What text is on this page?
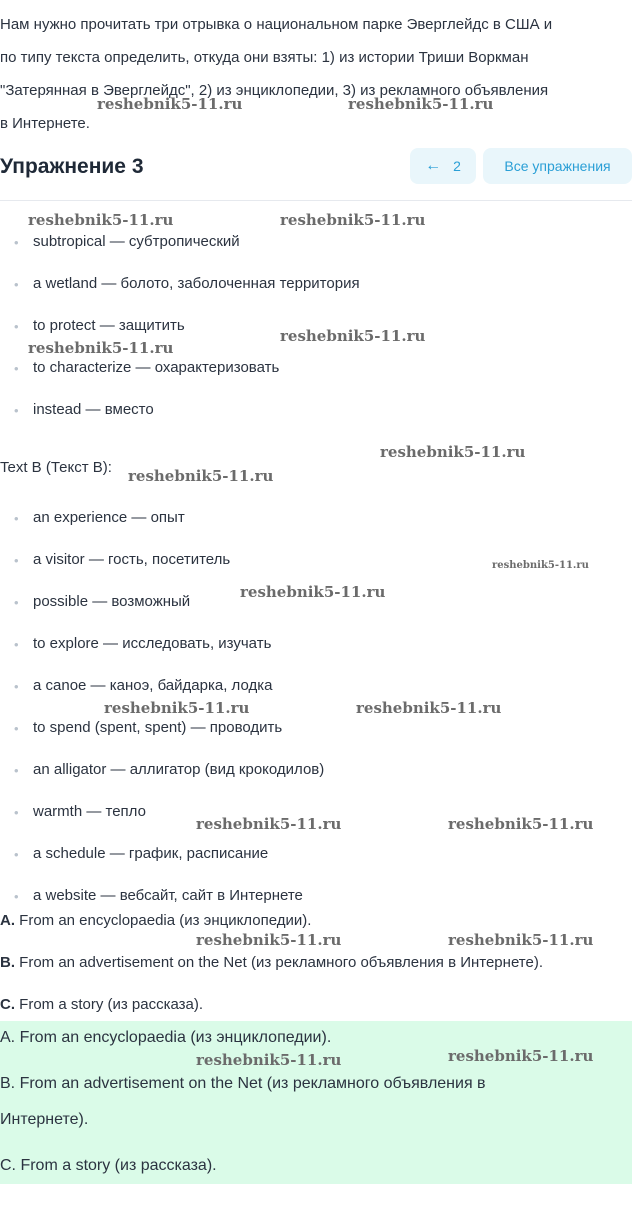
Нам нужно прочитать три отрывка о национальном парке Эверглейдс в США и

по типу текста определить, откуда они взяты: 1) из истории Триши Воркман

"Затерянная в Эверглейдс", 2) из энциклопедии, 3) из рекламного объявления

в Интернете.

Упражнение 3	← 2	Все упражнения
• subtropical — субтропический
• a wetland — болото, заболоченная территория
• to protect — защитить
• to characterize — охарактеризовать
• instead — вместо
Text B (Текст B):
• an experience — опыт
• a visitor — гость, посетитель
• possible — возможный
• to explore — исследовать, изучать
• a canoe — каноэ, байдарка, лодка
• to spend (spent, spent) — проводить
• an alligator — аллигатор (вид крокодилов)
• warmth — тепло
• a schedule — график, расписание
• a website — вебсайт, сайт в Интернете

A. From an encyclopaedia (из энциклопедии).

B. From an advertisement on the Net (из рекламного объявления в Интернете).

C. From a story (из рассказа).

A. From an encyclopaedia (из энциклопедии).

B. From an advertisement on the Net (из рекламного объявления в

Интернете).

C. From a story (из рассказа).

reshebnik5-11.ru	reshebnik5-11.ru
reshebnik5-11.ru	reshebnik5-11.ru
reshebnik5-11.ru
reshebnik5-11.ru
reshebnik5-11.ru
reshebnik5-11.ru
reshebnik5-11.ru
reshebnik5-11.ru
reshebnik5-11.ru	reshebnik5-11.ru
reshebnik5-11.ru	reshebnik5-11.ru
reshebnik5-11.ru	reshebnik5-11.ru
reshebnik5-11.ru	reshebnik5-11.ru
